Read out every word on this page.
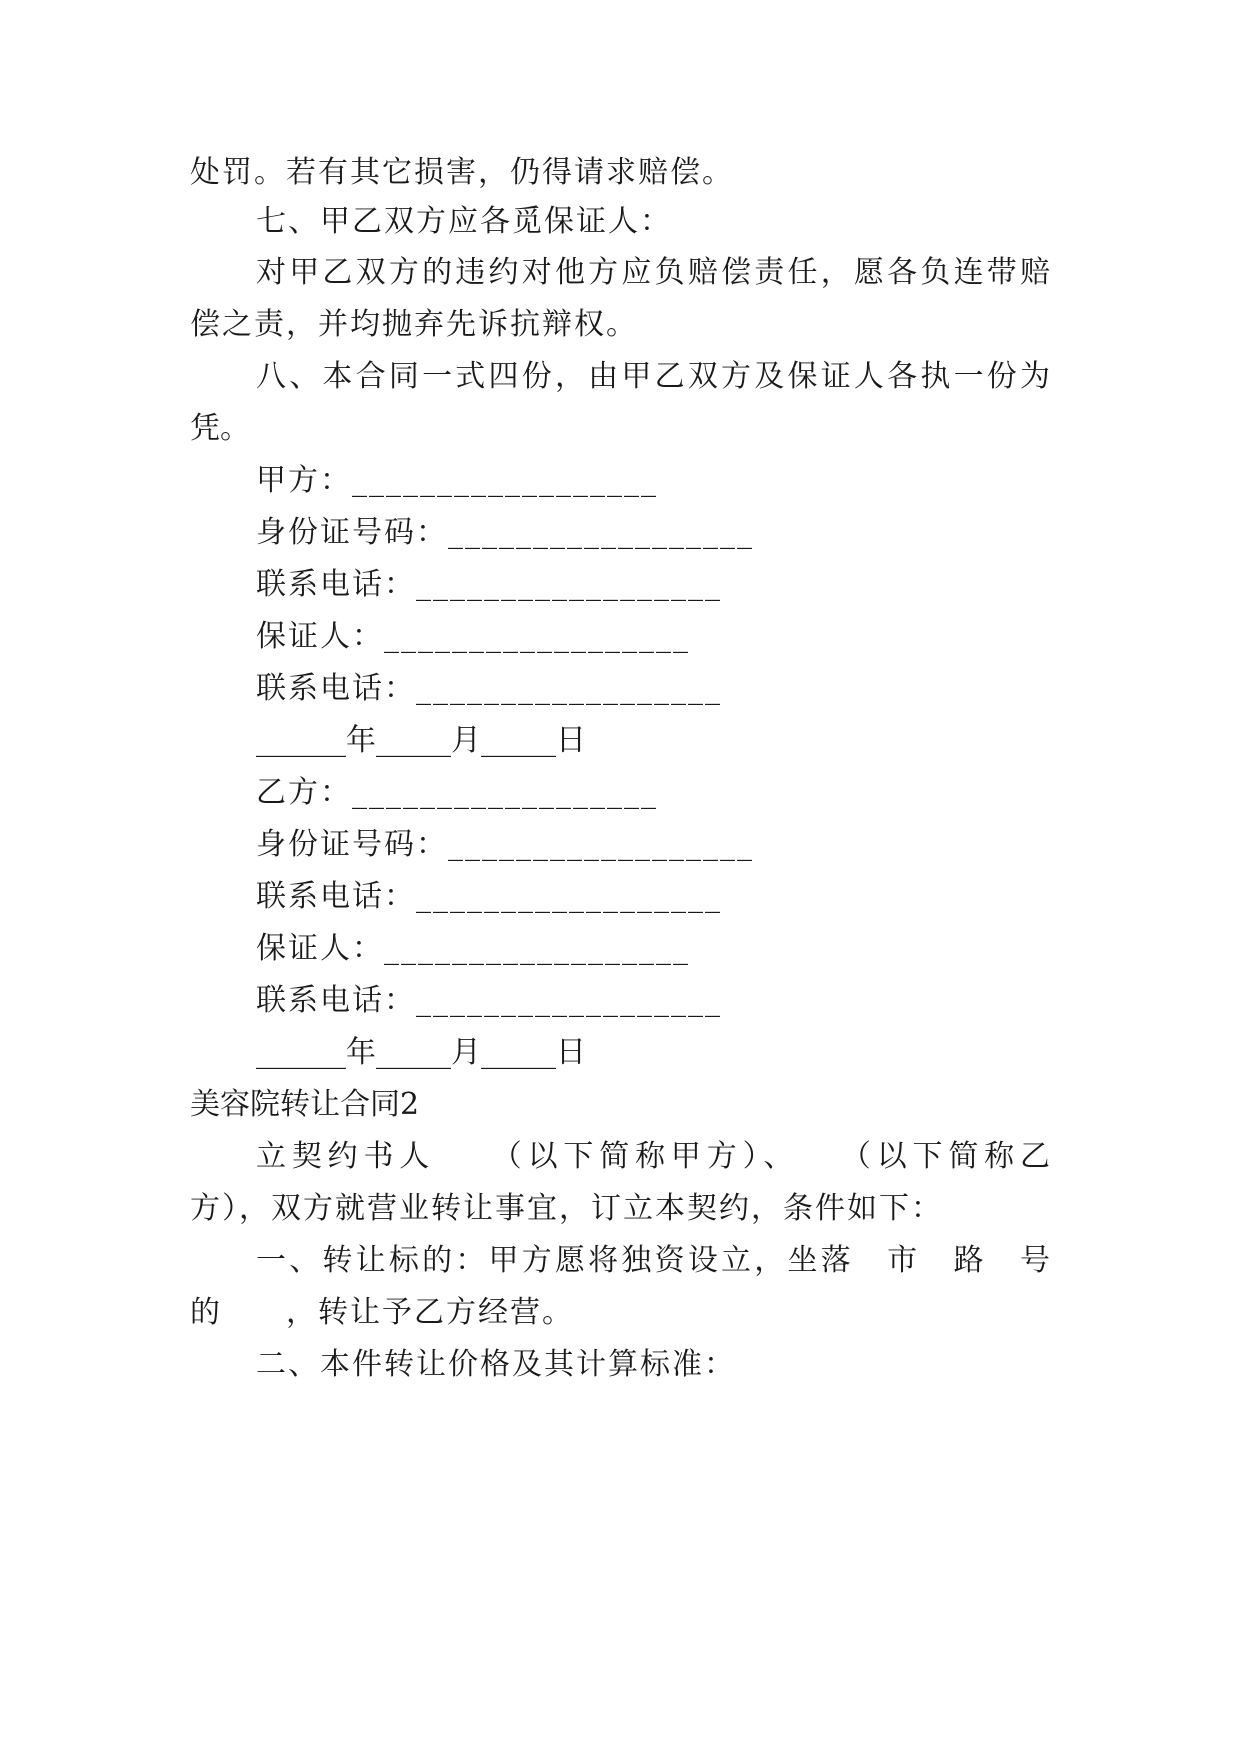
处罚。若有其它损害，仍得请求赔偿。
七、甲乙双方应各觅保证人：
对甲乙双方的违约对他方应负赔偿责任，愿各负连带赔
偿之责，并均抛弃先诉抗辩权。
八、本合同一式四份，由甲乙双方及保证人各执一份为
凭。
甲方：__________________
身份证号码：__________________
联系电话：__________________
保证人：__________________
联系电话：__________________
______年_____月_____日
乙方：__________________
身份证号码：__________________
联系电话：__________________
保证人：__________________
联系电话：__________________
______年_____月_____日
美容院转让合同2
立契约书人　　（以下简称甲方）、　　（以下简称乙
方），双方就营业转让事宜，订立本契约，条件如下：
一、转让标的：甲方愿将独资设立，坐落　市　路　号
的　　，转让予乙方经营。
二、本件转让价格及其计算标准：
